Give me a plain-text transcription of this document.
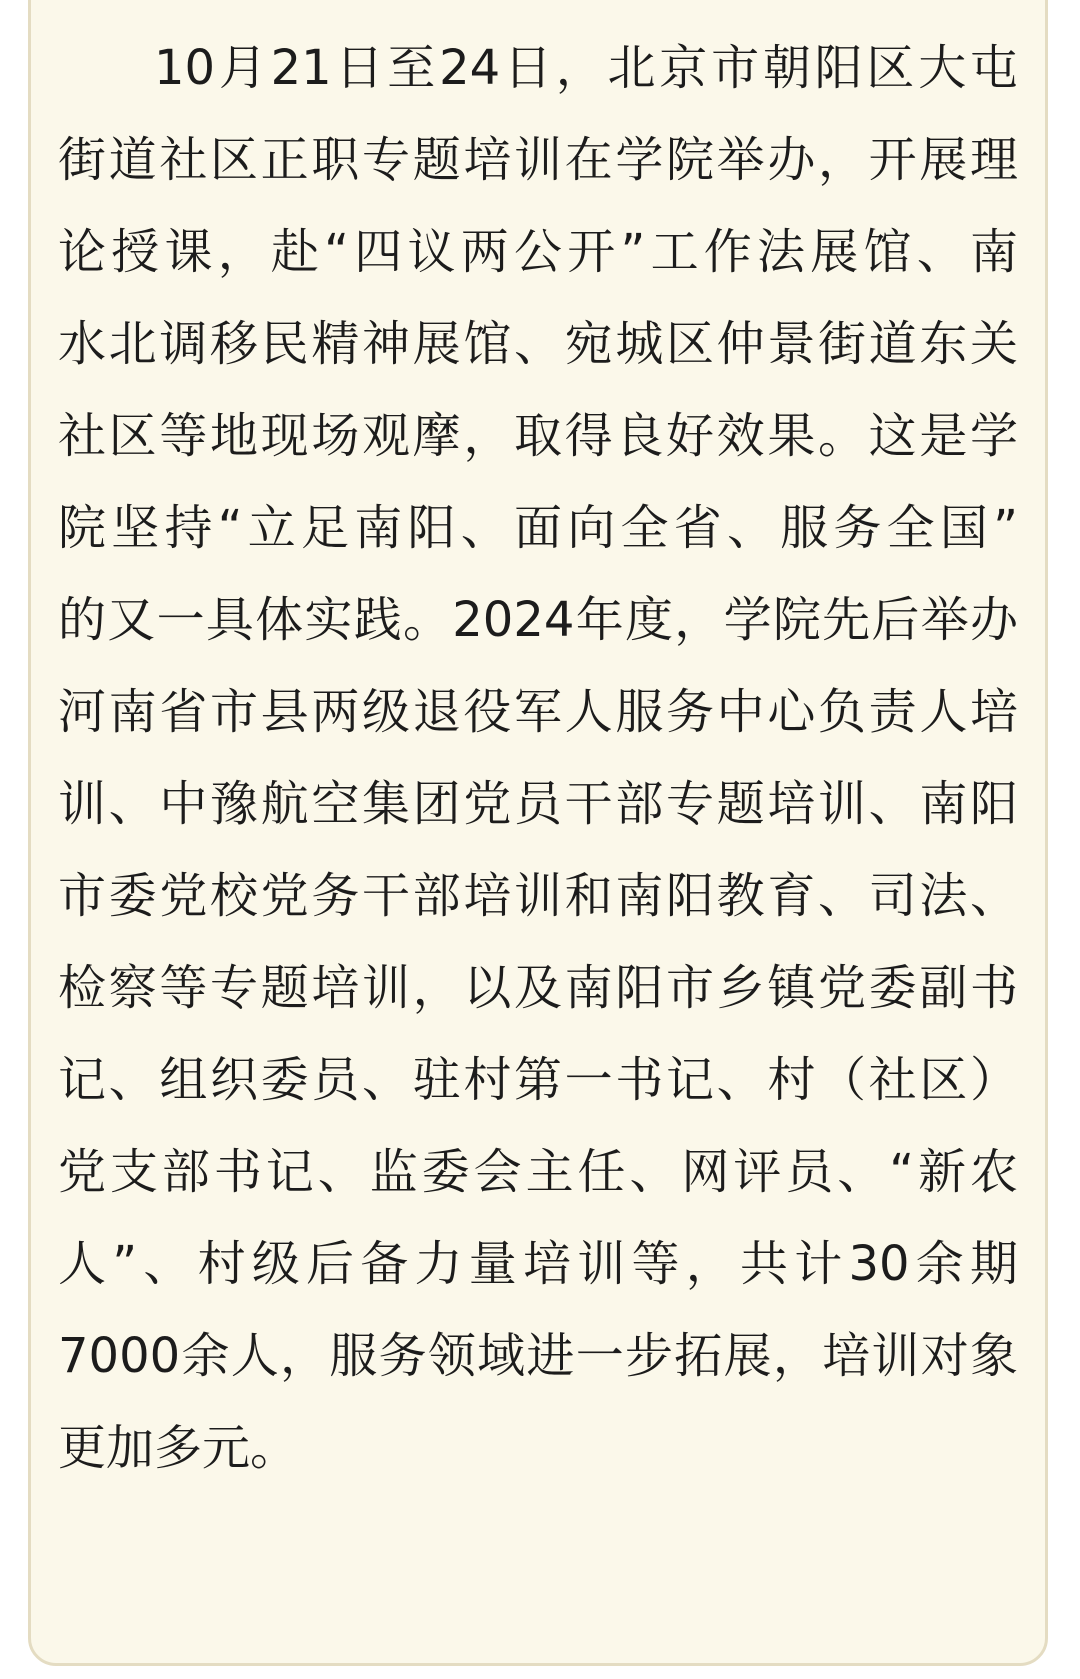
10月21日至24日，北京市朝阳区大屯

街道社区正职专题培训在学院举办，开展理

论授课，赴“四议两公开”工作法展馆、南

水北调移民精神展馆、宛城区仲景街道东关

社区等地现场观摩，取得良好效果。这是学

院坚持“立足南阳、面向全省、服务全国”

的又一具体实践。2024年度，学院先后举办

河南省市县两级退役军人服务中心负责人培

训、中豫航空集团党员干部专题培训、南阳

市委党校党务干部培训和南阳教育、司法、

检察等专题培训，以及南阳市乡镇党委副书

记、组织委员、驻村第一书记、村（社区）

党支部书记、监委会主任、网评员、“新农

人”、村级后备力量培训等，共计30余期

7000余人，服务领域进一步拓展，培训对象

更加多元。
